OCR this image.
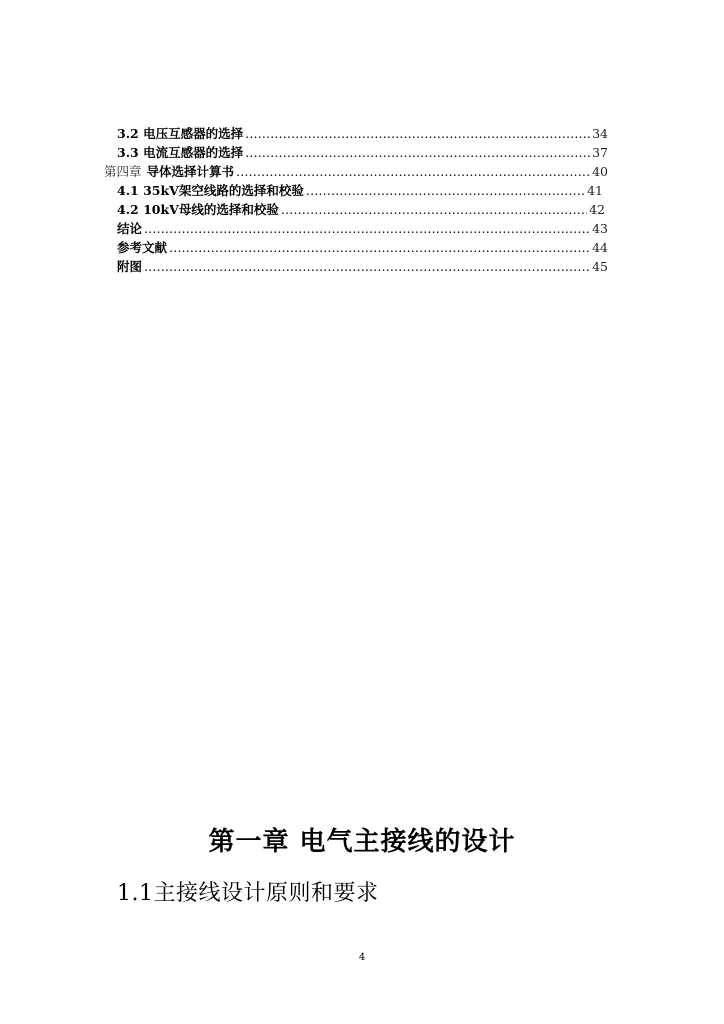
3.2 电压互感器的选择 …………………………………………………………………………………………………………………………………………………………………………	34
3.3 电流互感器的选择 …………………………………………………………………………………………………………………………………………………………………………	37
第四章 导体选择计算书 …………………………………………………………………………………………………………………………………………………………………………	40
4.1 35kV架空线路的选择和校验 …………………………………………………………………………………………………………………………………………………………………………	41
4.2 10kV母线的选择和校验 …………………………………………………………………………………………………………………………………………………………………………	42
结论 …………………………………………………………………………………………………………………………………………………………………………	43
参考文献 …………………………………………………………………………………………………………………………………………………………………………	44
附图 …………………………………………………………………………………………………………………………………………………………………………	45
第一章 电气主接线的设计
1.1主接线设计原则和要求
4
